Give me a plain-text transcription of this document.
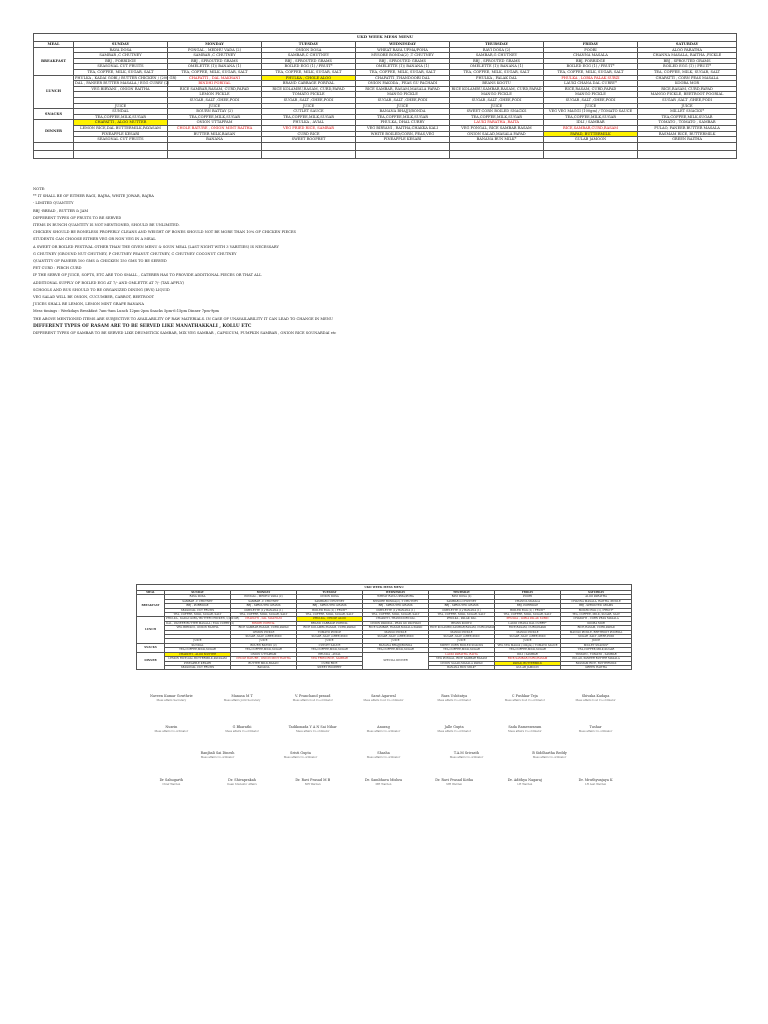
UKD WEEK MESS MENU							
MEAL	SUNDAY	MONDAY	TUESDAY	WEDNESDAY	THURSDAY	FRIDAY	SATURDAY
BREAKFAST	RAVA DOSA	PONGAL , MEDHU VADA (2)	ONION DOSA	WHEAT RAVA UPMA/POHA	RAVI DOSA (2)	POORI	ALOO PARATHA
	SAMBAR ,C CHUTNEY	SAMBAR ,C CHUTNEY	SAMBAR,C CHUTNEY	MYSORE BONDA(2) ,T CHUTNEY	SAMBAR,G CHUTNEY	CHANNA MASALA	CHANNA MASALA, RAITHA ,PICKLE
	BBJ , PORRIDGE	BBJ , SPROUTED GRAMS	BBJ , SPROUTED GRAMS	BBJ , SPROUTED GRAMS	BBJ , SPROUTED GRAMS	BBJ, PORRIDGE	BBJ , SPROUTED GRAMS
	SEASONAL CUT FRUITS	OMELETTE (1)/ BANANA (1)	BOILED EGG (1) / FRUIT*	OMELETTE (1)/ BANANA (1)	OMELETTE (1)/ BANANA (1)	BOILED EGG (1) / FRUIT*	BOILED EGG (1) / FRUIT*
	TEA, COFFEE, MILK, SUGAR, SALT	TEA, COFFEE, MILK, SUGAR, SALT	TEA, COFFEE, MILK, SUGAR, SALT	TEA, COFFEE, MILK, SUGAR, SALT	TEA, COFFEE, MILK, SUGAR, SALT	TEA, COFFEE, MILK, SUGAR, SALT	TEA, COFFEE, MILK, SUGAR, SALT
LUNCH	PHULKA , KADAI GOBI,/ BUTTER CHICKEN / (200 GR)	CHAPATTI , DAL MAKHANI	PHULKA , CHOLE ALOO	CHAPATTI ,THANDOORI DAL	PHULKA , PALAK DAL	PHULKA , LOBIA PALAK SUBZI	CHAPATTI , CORN PEAS MASALA
	DAL , PANEER BUTTER MASALA / EGG CURRY (2)	BINDHI PORIYAL	BRAND CABBAGE PORIYAL	ONION PAKODA , PEAS GU PACHADI	BEANS KOOTU	LAUKI CHANA DAL CURRY*	KOOBA MOR
	VEG BIRYANI , ONION RAITHA	RICE SAMBAR,RASAM, CURD,PAPAD	RICE KOLAMBU,RASAM, CURD,PAPAD	RICE SAMBAR, RASAM,MASALA PAPAD	RICE KOLAMBU,SAMBAR,RASAM, CURD,PAPAD	RICE,RASAM, CURD,PAPAD	RICE,RASAM, CURD,PAPAD
		LEMON PICKLE	TOMATO PICKLE	MANGO PICKLE	MANGO PICKLE	MANGO PICKLE	MANGO PICKLE, BEETROOT POORIAL
		SUGAR ,SALT ,GHEE,PODI	SUGAR ,SALT ,GHEE,PODI	SUGAR ,SALT ,GHEE,PODI	SUGAR ,SALT ,GHEE,PODI	SUGAR ,SALT ,GHEE,PODI	SUGAR ,SALT ,GHEE,PODI
	JUICE	JUICE	JUICE	JUICE	JUICE	JUICE	JUICE
SNACKS	SUNDAL	BOURN BATTAY (2)	CUTLET SAUCE	BANANA BHAJJI/BONDA	SWEET CORN BOILED SNACKS	VEG VEG MAGGI (100gm) / TOMATO SAUCE	MILLET SNACKS*
	TEA,COFFEE,MILK,SUGAR	TEA,COFFEE,MILK,SUGAR	TEA,COFFEE,MILK,SUGAR	TEA,COFFEE,MILK,SUGAR	TEA,COFFEE,MILK,SUGAR	TEA,COFFEE,MILK,SUGAR	TEA,COFFEE,MILK,SUGAR
DINNER	CHAPATTI , ALOO MUTTER	ONION UTTAPPAM	PHULKA , AVIAL	PHULKA, DHAL CURRY	LAUKI PARATHA ,RAITA	IDLI / SAMBAR	TOMATO , TOMATO , SAMBAR
	LEMON RICE,DAL BUTTERMILK,PAYASAM	CHOLE BATURE , ONION MINT RAITHA	VEG FRIED RICE, SAMBAR	VEG BIRYANI , RAITHA,CHAKKA KALI	VEG PONGAL, RICE SAMBAR RASAM	RICE,SAMBAR,CURD,RASAM	PULAO, PANEER BUTTER MASALA
	PINEAPPLE KESARI	BUTTER MILK,BASAN	CURD RICE	WHITE BOILED/CORN, PEAS,VEG	ONION SALAD,MASALA PAPAD	PAPAD, BUTTERMILK	RASMAM RICE, BUTTERMILK
	SEASONAL CUT FRUITS	BANANA	SWEET ROOPRET	PINEAPPLE KESARI	BANANA BUN MILK*	GULAB JAMOON	GREEN RAITHA

NOTE:
** IT SHALL BE OF EITHER RAGI, BAJRA, WHITE JOWAR, BAJRA
- LIMITED QUANTITY
BBJ -BREAD , BUTTER & JAM
DIFFERENT TYPES OF FRUITS TO BE SERVED
ITEMS IN BUNCH QUANTITY IS NOT MENTIONED, SHOULD BE UNLIMITED.
CHICKEN SHOULD BE BONELESS PROPERLY CLEANS AND WEIGHT OF BONES SHOULD NOT BE MORE THAN 10% OF CHICKEN PIECES
STUDENTS CAN CHOOSE EITHER VEG OR NON VEG IN A MEAL
A SWEET OR BOILED FESTIVAL OTHER THAN THE GIVEN MENU & SOUN MEAL (LAST NIGHT WITH 3 VARITIES) IS NECESSARY
G CHUTNEY (GROUND NUT CHUTNEY, P CHUTNEY PEANUT CHUTNEY, C CHUTNEY COCONUT CHUTNEY
QUANTITY OF PANEER 100 GMS & CHICKEN 150 GMS TO BE SERVED
PET CURD : FIBCH CURD
IF THE SERVE OF JUICE, SOFTS, ETC ARE TOO SMALL , CATERER HAS TO PROVIDE ADDITIONAL PIECES OR THAT ALL
ADDITIONAL SUPPLY OF BOILED EGG AT 7/- AND OMLETTE AT 7/- (TAX APPLY)
SCHOOLS AND BUS SHOULD TO BE ORGANIZED DINING (BVS) LIQUID
VEG SALAD WILL BE ONION, CUCUMBER, CARROT, BEETROOT
JUICES SHALL BE LEMON, LEMON MINT GRAPE BANANA
Mess timings : Weekdays Breakfast 7am-9am Lunch 12pm-2pm Snacks 5pm-6:15pm Dinner 7pm-9pm
THE ABOVE MENTIONED ITEMS ARE SUBJECTIVE TO AVAILABILITY OF RAW MATERIALS. IN CASE OF UNAVAILABILITY IT CAN LEAD TO CHANGE IN MENU
DIFFERENT TYPES OF RASAM ARE TO BE SERVED LIKE MANATHAKKALI , KOLLU ETC
DIFFERENT TYPES OF SAMBAR TO BE SERVED LIKE DRUMSTICK SAMBAR, MIX VEG SAMBAR , CAPSICUM, PUMPKIN SAMBAR , ONION RICE SOUNARDAI etc
UKD WEEK MESS MENU							
MEAL	SUNDAY	MONDAY	TUESDAY	WEDNESDAY	THURSDAY	FRIDAY	SATURDAY
BREAKFAST	RAVA DOSA	PONGAL , MEDHU VADA (2)	ONION DOSA	WHEAT RAVA UPMA/POHA	RAVI DOSA (2)	POORI	ALOO PARATHA
	SAMBAR ,C CHUTNEY	SAMBAR ,C CHUTNEY	SAMBAR,C CHUTNEY	MYSORE BONDA(2) ,T CHUTNEY	SAMBAR,G CHUTNEY	CHANNA MASALA	CHANNA MASALA, RAITHA ,PICKLE
	BBJ , PORRIDGE	BBJ , SPROUTED GRAMS	BBJ , SPROUTED GRAMS	BBJ , SPROUTED GRAMS	BBJ , SPROUTED GRAMS	BBJ, PORRIDGE	BBJ , SPROUTED GRAMS
	SEASONAL CUT FRUITS	OMELETTE (1)/ BANANA (1)	BOILED EGG (1) / FRUIT*	OMELETTE (1)/ BANANA (1)	OMELETTE (1)/ BANANA (1)	BOILED EGG (1) / FRUIT*	BOILED EGG (1) / FRUIT*
	TEA, COFFEE, MILK, SUGAR, SALT	TEA, COFFEE, MILK, SUGAR, SALT	TEA, COFFEE, MILK, SUGAR, SALT	TEA, COFFEE, MILK, SUGAR, SALT	TEA, COFFEE, MILK, SUGAR, SALT	TEA, COFFEE, MILK, SUGAR, SALT	TEA, COFFEE, MILK, SUGAR, SALT
LUNCH	PHULKA , KADAI GOBI,/ BUTTER CHICKEN / (200 GR)	CHAPATTI , DAL MAKHANI	PHULKA , CHOLE ALOO	CHAPATTI ,THANDOORI DAL	PHULKA , PALAK DAL	PHULKA , LOBIA PALAK SUBZI	CHAPATTI , CORN PEAS MASALA
	DAL , PANEER BUTTER MASALA / EGG CURRY (2)	BINDHI PORIYAL	BRAND CABBAGE PORIYAL	ONION PAKODA , PEAS GU PACHADI	BEANS KOOTU	LAUKI CHANA DAL CURRY*	KOOBA MOR
	VEG BIRYANI , ONION RAITHA	RICE SAMBAR,RASAM, CURD,PAPAD	RICE KOLAMBU,RASAM, CURD,PAPAD	RICE SAMBAR, RASAM,MASALA PAPAD	RICE KOLAMBU,SAMBAR,RASAM, CURD,PAPAD	RICE,RASAM, CURD,PAPAD	RICE,RASAM, CURD,PAPAD
		LEMON PICKLE	TOMATO PICKLE	MANGO PICKLE	MANGO PICKLE	MANGO PICKLE	MANGO PICKLE, BEETROOT POORIAL
		SUGAR ,SALT ,GHEE,PODI	SUGAR ,SALT ,GHEE,PODI	SUGAR ,SALT ,GHEE,PODI	SUGAR ,SALT ,GHEE,PODI	SUGAR ,SALT ,GHEE,PODI	SUGAR ,SALT ,GHEE,PODI
	JUICE	JUICE	JUICE	JUICE	JUICE	JUICE	JUICE
SNACKS	SUNDAL	BOURN BATTAY (2)	CUTLET SAUCE	BANANA BHAJJI/BONDA	SWEET CORN BOILED SNACKS	VEG VEG MAGGI (100gm) / TOMATO SAUCE	MILLET SNACKS*
	TEA,COFFEE,MILK,SUGAR	TEA,COFFEE,MILK,SUGAR	TEA,COFFEE,MILK,SUGAR	TEA,COFFEE,MILK,SUGAR	TEA,COFFEE,MILK,SUGAR	TEA,COFFEE,MILK,SUGAR	TEA,COFFEE,MILK,SUGAR
DINNER	CHAPATTI , ALOO MUTTER	ONION UTTAPPAM	PHULKA , AVIAL	SPECIAL DINNER	LAUKI PARATHA ,RAITA	IDLI / SAMBAR	TOMATO , TOMATO , SAMBAR
	LEMON RICE,DAL BUTTERMILK,PAYASAM	CHOLE BATURE , ONION MINT RAITHA	VEG FRIED RICE, SAMBAR		VEG PONGAL, RICE SAMBAR RASAM	RICE,SAMBAR,CURD,RASAM	PULAO, PANEER BUTTER MASALA
	PINEAPPLE KESARI	BUTTER MILK,BASAN	CURD RICE		ONION SALAD,MASALA PAPAD	PAPAD, BUTTERMILK	RASMAM RICE, BUTTERMILK
	SEASONAL CUT FRUITS	BANANA	SWEET ROOPRET		BANANA BUN MILK*	GULAB JAMOON	GREEN RAITHA
Naveen Kumar Gowthrie
Mess affairs Secretary
Manasa M T
Mess affairs Joint Secretary
V. Pranchand prasad
Mess affairs food Co-ordinator
Sarat Agarwal
Mess affairs food Co-ordinator
Rara Ushitatya
Mess affairs Co-ordinator
C Pushkar Teja
Mess affairs food Co-ordinator
Shivaka Kadapa
Mess affairs food Co-ordinator
Nuzrin
Mess affairs Co-ordinator
G Bharathi
Mess affairs Co-ordinator
Tadikonada Y A N Sai Nihar
Mess affairs Co-ordinator
Anurag
Mess affairs Co-ordinator
Jalle Gupta
Mess affairs Co-ordinator
Sada Rameswaram
Mess affairs Co-ordinator
Tushar
Mess affairs Co-ordinator
Ranjbali Sai Dinesh
Mess affairs Co-ordinator
Sristi Gupta
Mess affairs Co-ordinator
Shasha
Mess affairs Co-ordinator
T.A.M Srivasth
Mess affairs Co-ordinator
B Siddhartha Reddy
Mess affairs Co-ordinator
Dr Sahugarth
Chief Warden
Dr. Shivaprakah
Dean Students' Affairs
Dr. Ravi Prasad M B
MH Warden
Dr. Sambhava Mishra
MH Warden
Dr. Ravi Prasad Kotha
MH Warden
Dr. Adithya Nagaraj
LH Warden
Dr. Mruthyunjaya K
LH Asst Warden
